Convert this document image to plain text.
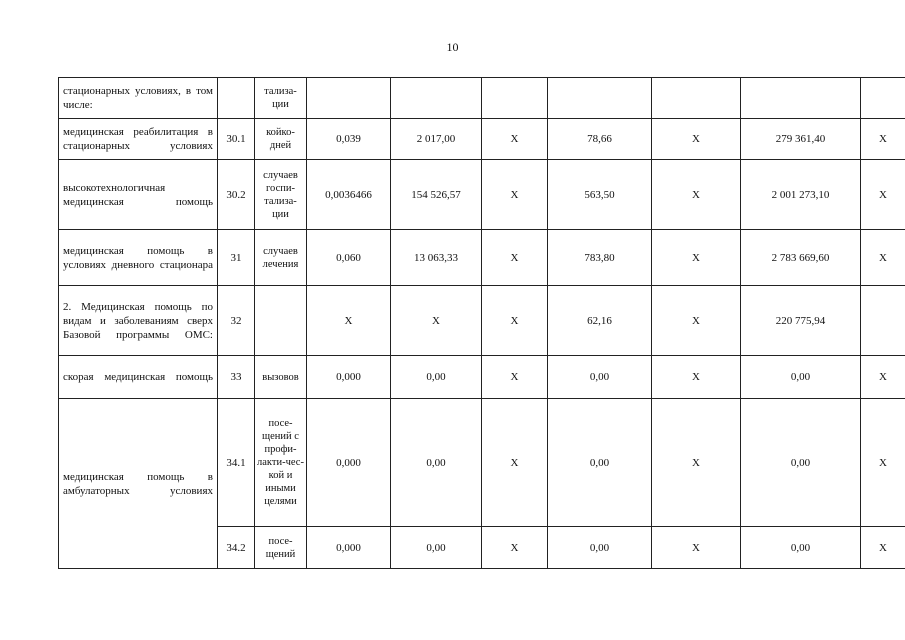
10
стационарных условиях, в том числе:		тализа-ции							
медицинская реабилитация в стационарных условиях	30.1	койко-дней	0,039	2 017,00	Х	78,66	Х	279 361,40	Х
высокотехнологичная медицинская помощь	30.2	случаев госпи-тализа-ции	0,0036466	154 526,57	Х	563,50	Х	2 001 273,10	Х
медицинская помощь в условиях дневного стационара	31	случаев лечения	0,060	13 063,33	Х	783,80	Х	2 783 669,60	Х
2. Медицинская помощь по видам и заболеваниям сверх Базовой программы ОМС:	32		Х	Х	Х	62,16	Х	220 775,94	
скорая медицинская помощь	33	вызовов	0,000	0,00	Х	0,00	Х	0,00	Х
медицинская помощь в амбулаторных условиях	34.1	посе-щений с профи-лакти-чес-кой и иными целями	0,000	0,00	Х	0,00	Х	0,00	Х
	34.2	посе-щений	0,000	0,00	Х	0,00	Х	0,00	Х
